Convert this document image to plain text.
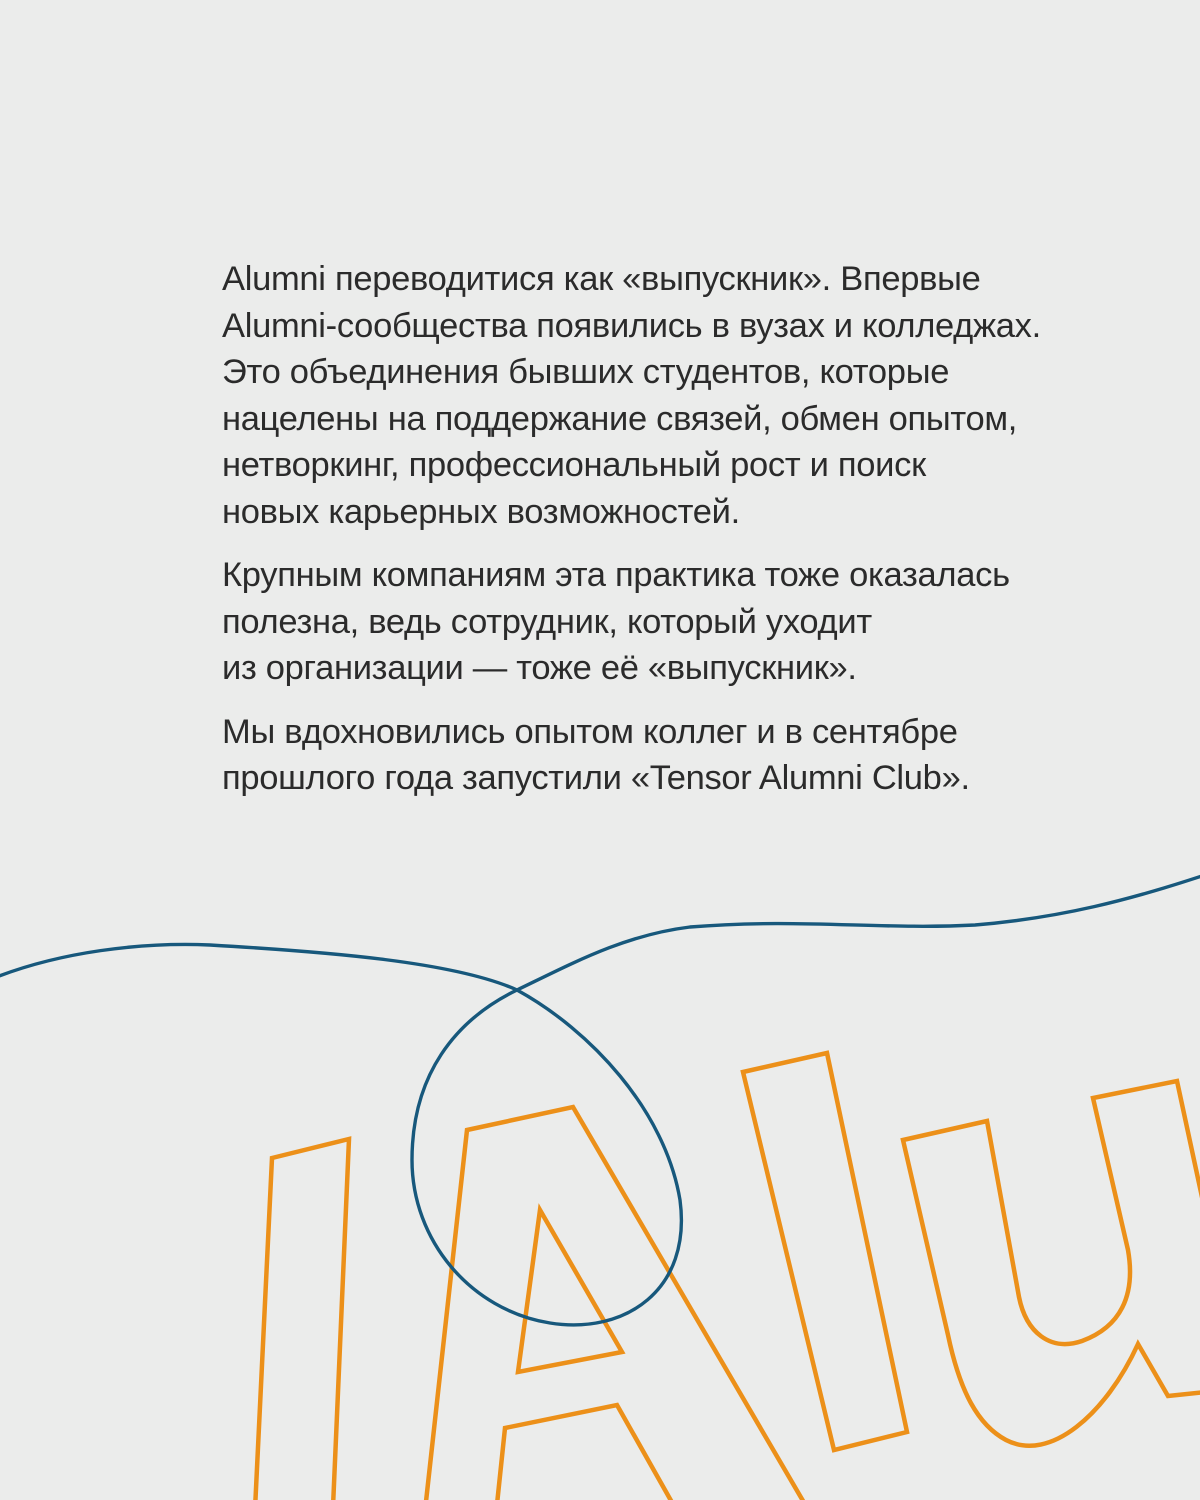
Alumni переводитися как «выпускник». Впервые
Alumni-сообщества появились в вузах и колледжах.
Это объединения бывших студентов, которые
нацелены на поддержание связей, обмен опытом,
нетворкинг, профессиональный рост и поиск
новых карьерных возможностей.
Крупным компаниям эта практика тоже оказалась
полезна, ведь сотрудник, который уходит
из организации — тоже её «выпускник».
Мы вдохновились опытом коллег и в сентябре
прошлого года запустили «Tensor Alumni Club».
